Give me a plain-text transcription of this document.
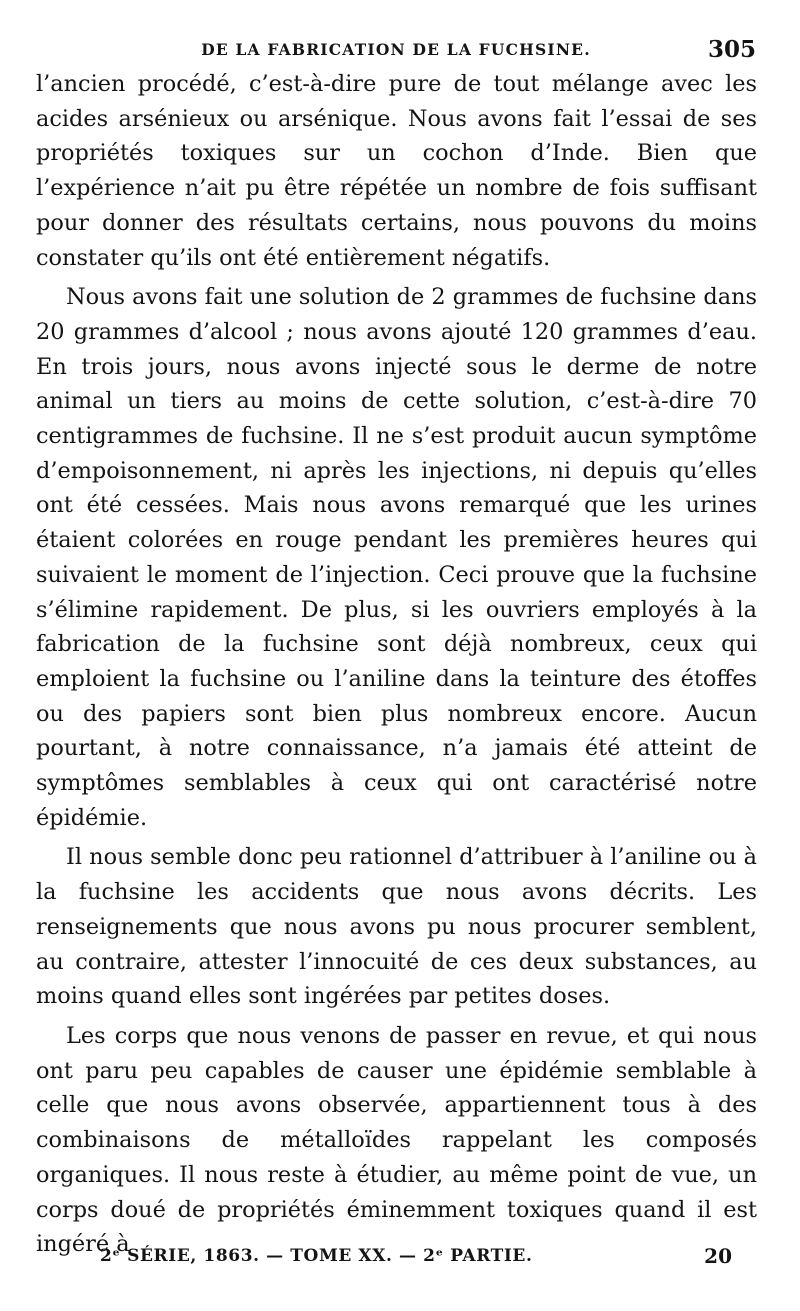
DE LA FABRICATION DE LA FUCHSINE.	305

l’ancien procédé, c’est-à-dire pure de tout mélange avec les acides arsénieux ou arsénique. Nous avons fait l’essai de ses propriétés toxiques sur un cochon d’Inde. Bien que l’expérience n’ait pu être répétée un nombre de fois suffisant pour donner des résultats certains, nous pouvons du moins constater qu’ils ont été entièrement négatifs.

Nous avons fait une solution de 2 grammes de fuchsine dans 20 grammes d’alcool ; nous avons ajouté 120 grammes d’eau. En trois jours, nous avons injecté sous le derme de notre animal un tiers au moins de cette solution, c’est-à-dire 70 centigrammes de fuchsine. Il ne s’est produit aucun symptôme d’empoisonnement, ni après les injections, ni depuis qu’elles ont été cessées. Mais nous avons remarqué que les urines étaient colorées en rouge pendant les premières heures qui suivaient le moment de l’injection. Ceci prouve que la fuchsine s’élimine rapidement. De plus, si les ouvriers employés à la fabrication de la fuchsine sont déjà nombreux, ceux qui emploient la fuchsine ou l’aniline dans la teinture des étoffes ou des papiers sont bien plus nombreux encore. Aucun pourtant, à notre connaissance, n’a jamais été atteint de symptômes semblables à ceux qui ont caractérisé notre épidémie.

Il nous semble donc peu rationnel d’attribuer à l’aniline ou à la fuchsine les accidents que nous avons décrits. Les renseignements que nous avons pu nous procurer semblent, au contraire, attester l’innocuité de ces deux substances, au moins quand elles sont ingérées par petites doses.

Les corps que nous venons de passer en revue, et qui nous ont paru peu capables de causer une épidémie semblable à celle que nous avons observée, appartiennent tous à des combinaisons de métalloïdes rappelant les composés organiques. Il nous reste à étudier, au même point de vue, un corps doué de propriétés éminemment toxiques quand il est ingéré à

2ᵉ SÉRIE, 1863. — TOME XX. — 2ᵉ PARTIE.	20
